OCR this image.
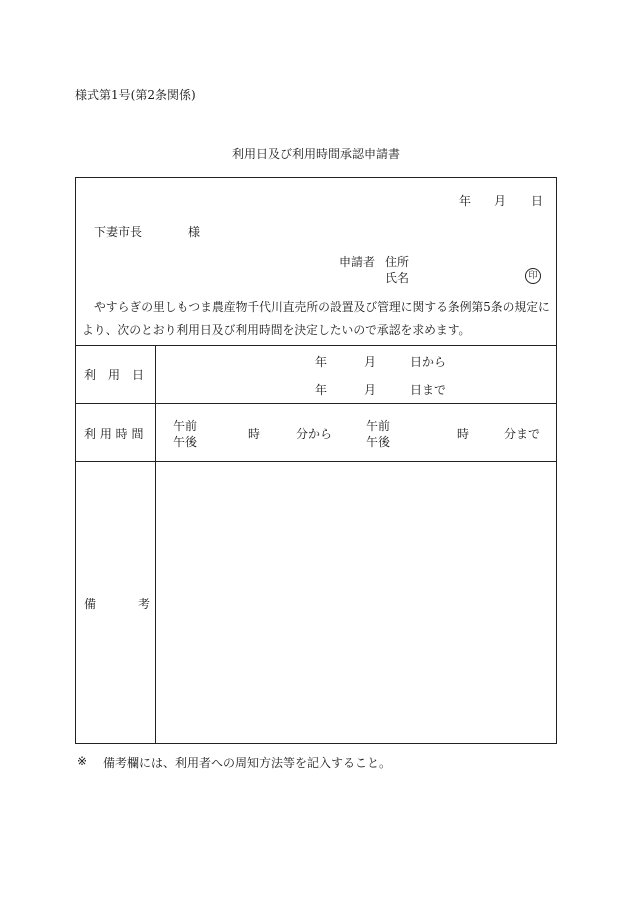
様式第1号(第2条関係)
利用日及び利用時間承認申請書
年 月 日
下妻市長	様
申請者 住所
氏名	印
やすらぎの里しもつま農産物千代川直売所の設置及び管理に関する条例第5条の規定に
より、次のとおり利用日及び利用時間を決定したいので承認を求めます。
利　用　日
年	月	日から
年	月	日まで
利 用 時 間
午前
午後
時	分から
午前
午後
時	分まで
備	考
※ 備考欄には、利用者への周知方法等を記入すること。
